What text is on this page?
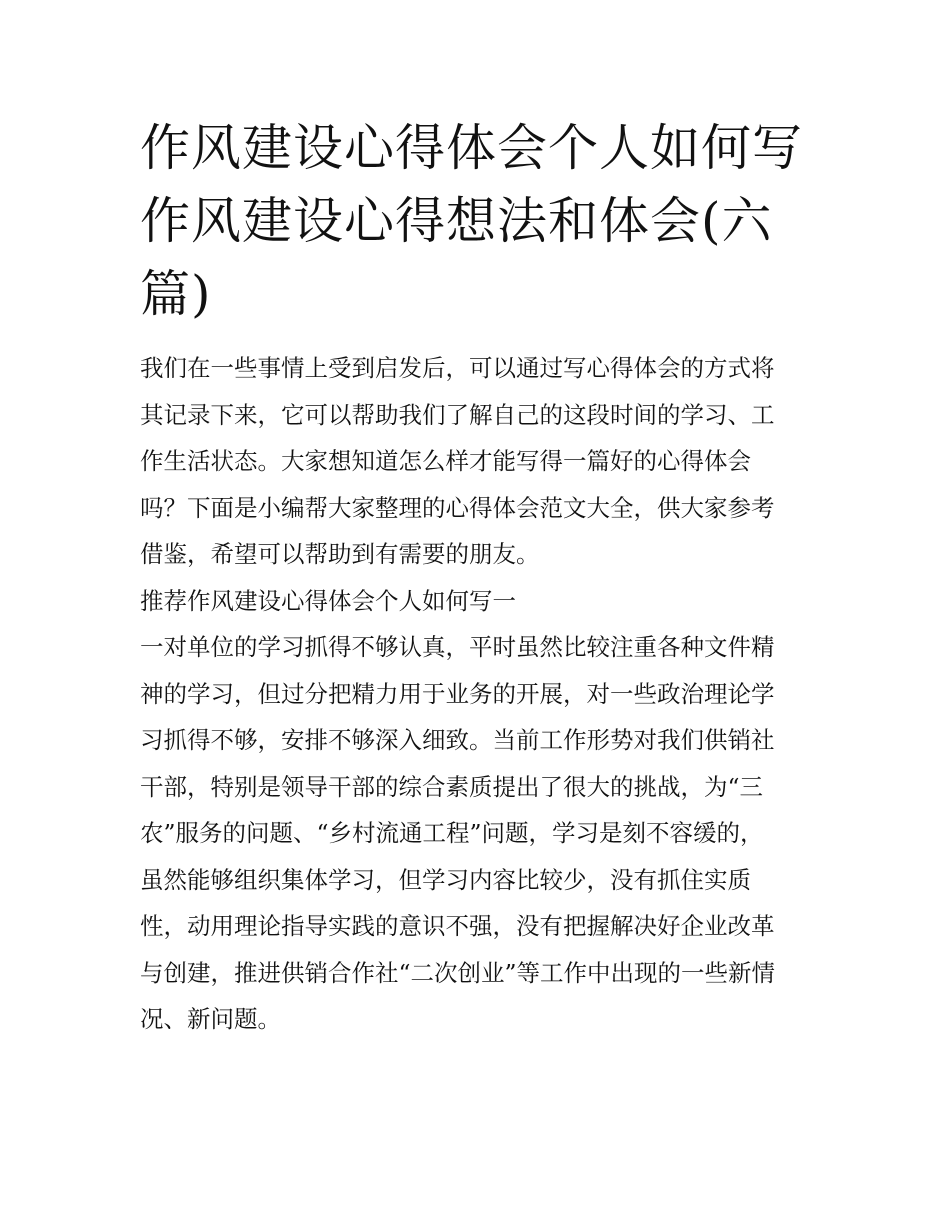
作风建设心得体会个人如何写
作风建设心得想法和体会(六
篇)

我们在一些事情上受到启发后，可以通过写心得体会的方式将
其记录下来，它可以帮助我们了解自己的这段时间的学习、工
作生活状态。大家想知道怎么样才能写得一篇好的心得体会
吗？下面是小编帮大家整理的心得体会范文大全，供大家参考
借鉴，希望可以帮助到有需要的朋友。

推荐作风建设心得体会个人如何写一

一对单位的学习抓得不够认真，平时虽然比较注重各种文件精
神的学习，但过分把精力用于业务的开展，对一些政治理论学
习抓得不够，安排不够深入细致。当前工作形势对我们供销社
干部，特别是领导干部的综合素质提出了很大的挑战，为“三
农”服务的问题、“乡村流通工程”问题，学习是刻不容缓的，
虽然能够组织集体学习，但学习内容比较少，没有抓住实质
性，动用理论指导实践的意识不强，没有把握解决好企业改革
与创建，推进供销合作社“二次创业”等工作中出现的一些新情
况、新问题。
